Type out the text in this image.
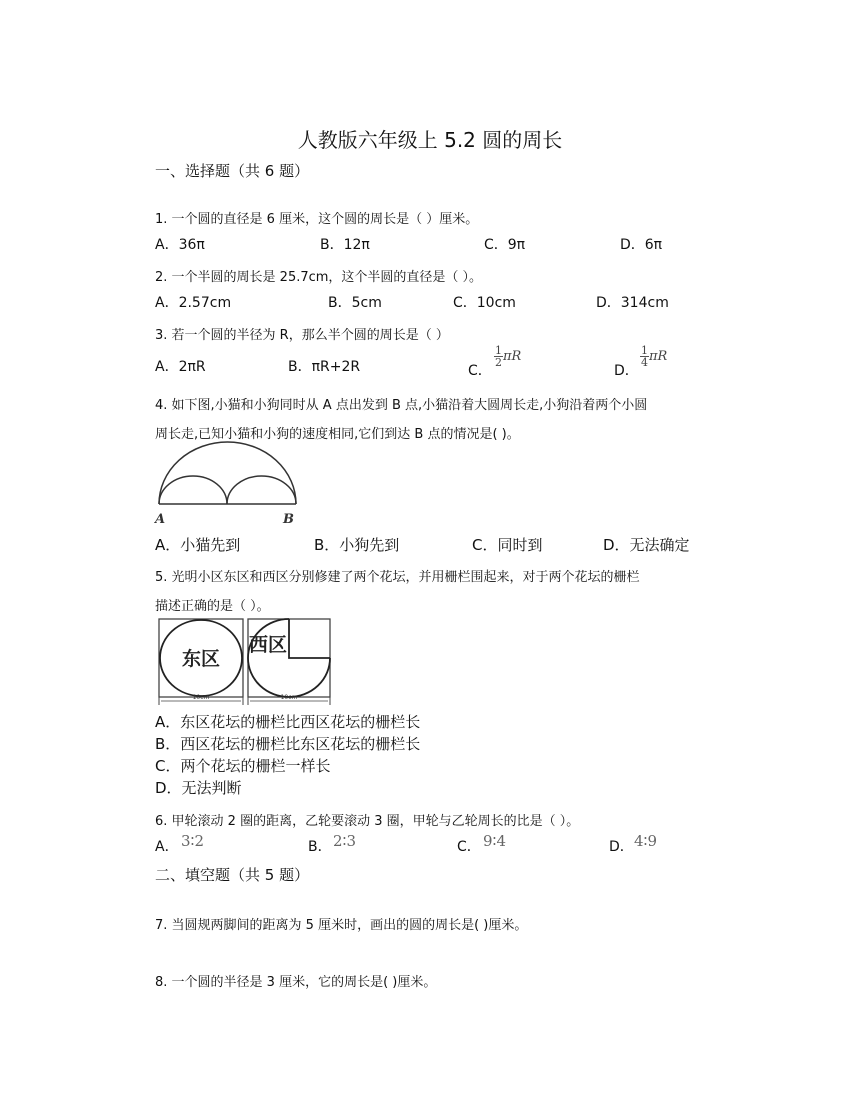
人教版六年级上 5.2 圆的周长
一、选择题（共 6 题）
1. 一个圆的直径是 6 厘米，这个圆的周长是（ ）厘米。
A．36π	B．12π	C．9π	D．6π
2. 一个半圆的周长是 25.7cm，这个半圆的直径是（ ）。
A．2.57cm	B．5cm	C．10cm	D．314cm
3. 若一个圆的半径为 R，那么半个圆的周长是（ ）
A．2πR	B．πR+2R	C．
$\frac{1}{2}$ πR
D．
$\frac{1}{4}$ πR
4. 如下图,小猫和小狗同时从 A 点出发到 B 点,小猫沿着大圆周长走,小狗沿着两个小圆
周长走,已知小猫和小狗的速度相同,它们到达 B 点的情况是( )。
A	B
A．小猫先到	B．小狗先到	C．同时到	D．无法确定
5. 光明小区东区和西区分别修建了两个花坛，并用栅栏围起来，对于两个花坛的栅栏
描述正确的是（ ）。
东区
10cm
西区
10cm
A．东区花坛的栅栏比西区花坛的栅栏长
B．西区花坛的栅栏比东区花坛的栅栏长
C．两个花坛的栅栏一样长
D．无法判断
6. 甲轮滚动 2 圈的距离，乙轮要滚动 3 圈，甲轮与乙轮周长的比是（ ）。
A． 3∶2	B． 2∶3	C． 9∶4	D． 4∶9
二、填空题（共 5 题）
7. 当圆规两脚间的距离为 5 厘米时，画出的圆的周长是( )厘米。
8. 一个圆的半径是 3 厘米，它的周长是( )厘米。
